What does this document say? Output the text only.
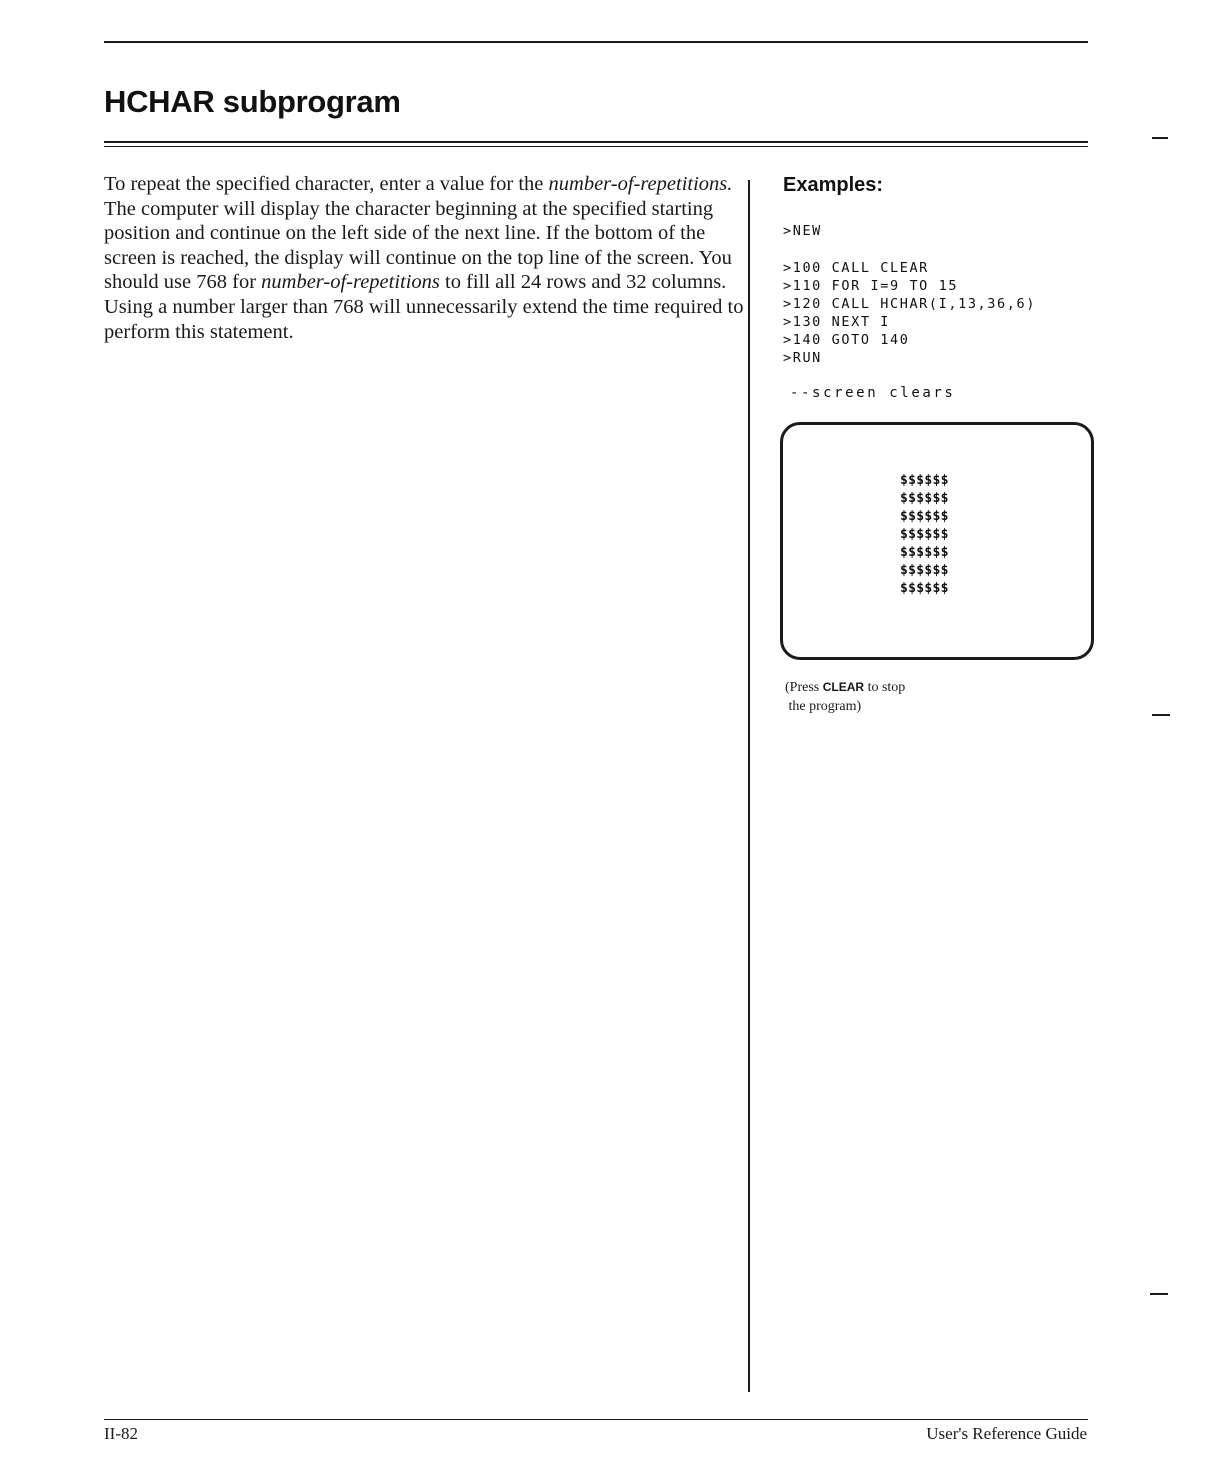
HCHAR subprogram

To repeat the specified character, enter a value for the number-of-repetitions. The computer will display the character beginning at the specified starting position and continue on the left side of the next line. If the bottom of the screen is reached, the display will continue on the top line of the screen. You should use 768 for number-of-repetitions to fill all 24 rows and 32 columns. Using a number larger than 768 will unnecessarily extend the time required to perform this statement.

Examples:
>NEW
>100 CALL CLEAR
>110 FOR I=9 TO 15
>120 CALL HCHAR(I,13,36,6)
>130 NEXT I
>140 GOTO 140
>RUN
--screen clears
$$$$$$
$$$$$$
$$$$$$
$$$$$$
$$$$$$
$$$$$$
$$$$$$

(Press CLEAR to stop
the program)

II-82	User's Reference Guide
